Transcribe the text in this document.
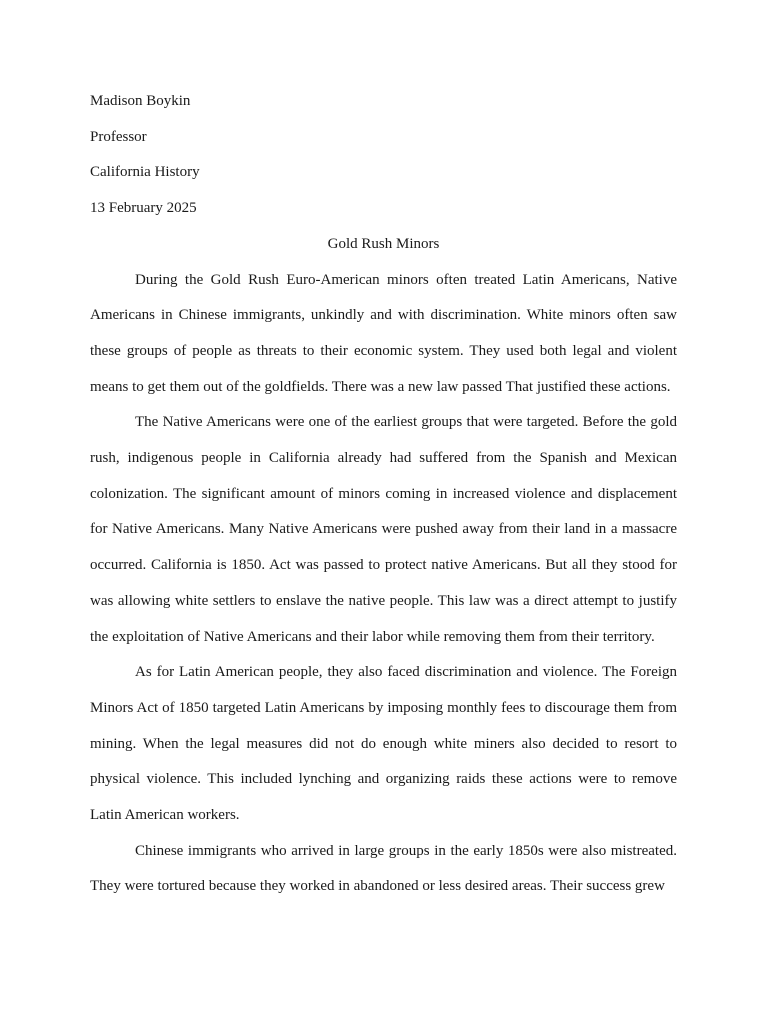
Madison Boykin

Professor

California History

13 February 2025

Gold Rush Minors

During the Gold Rush Euro-American minors often treated Latin Americans, Native Americans in Chinese immigrants, unkindly and with discrimination. White minors often saw these groups of people as threats to their economic system. They used both legal and violent means to get them out of the goldfields. There was a new law passed That justified these actions.

The Native Americans were one of the earliest groups that were targeted. Before the gold rush, indigenous people in California already had suffered from the Spanish and Mexican colonization. The significant amount of minors coming in increased violence and displacement for Native Americans. Many Native Americans were pushed away from their land in a massacre occurred. California is 1850. Act was passed to protect native Americans. But all they stood for was allowing white settlers to enslave the native people. This law was a direct attempt to justify the exploitation of Native Americans and their labor while removing them from their territory.

As for Latin American people, they also faced discrimination and violence. The Foreign Minors Act of 1850 targeted Latin Americans by imposing monthly fees to discourage them from mining. When the legal measures did not do enough white miners also decided to resort to physical violence. This included lynching and organizing raids these actions were to remove Latin American workers.

Chinese immigrants who arrived in large groups in the early 1850s were also mistreated. They were tortured because they worked in abandoned or less desired areas. Their success grew
